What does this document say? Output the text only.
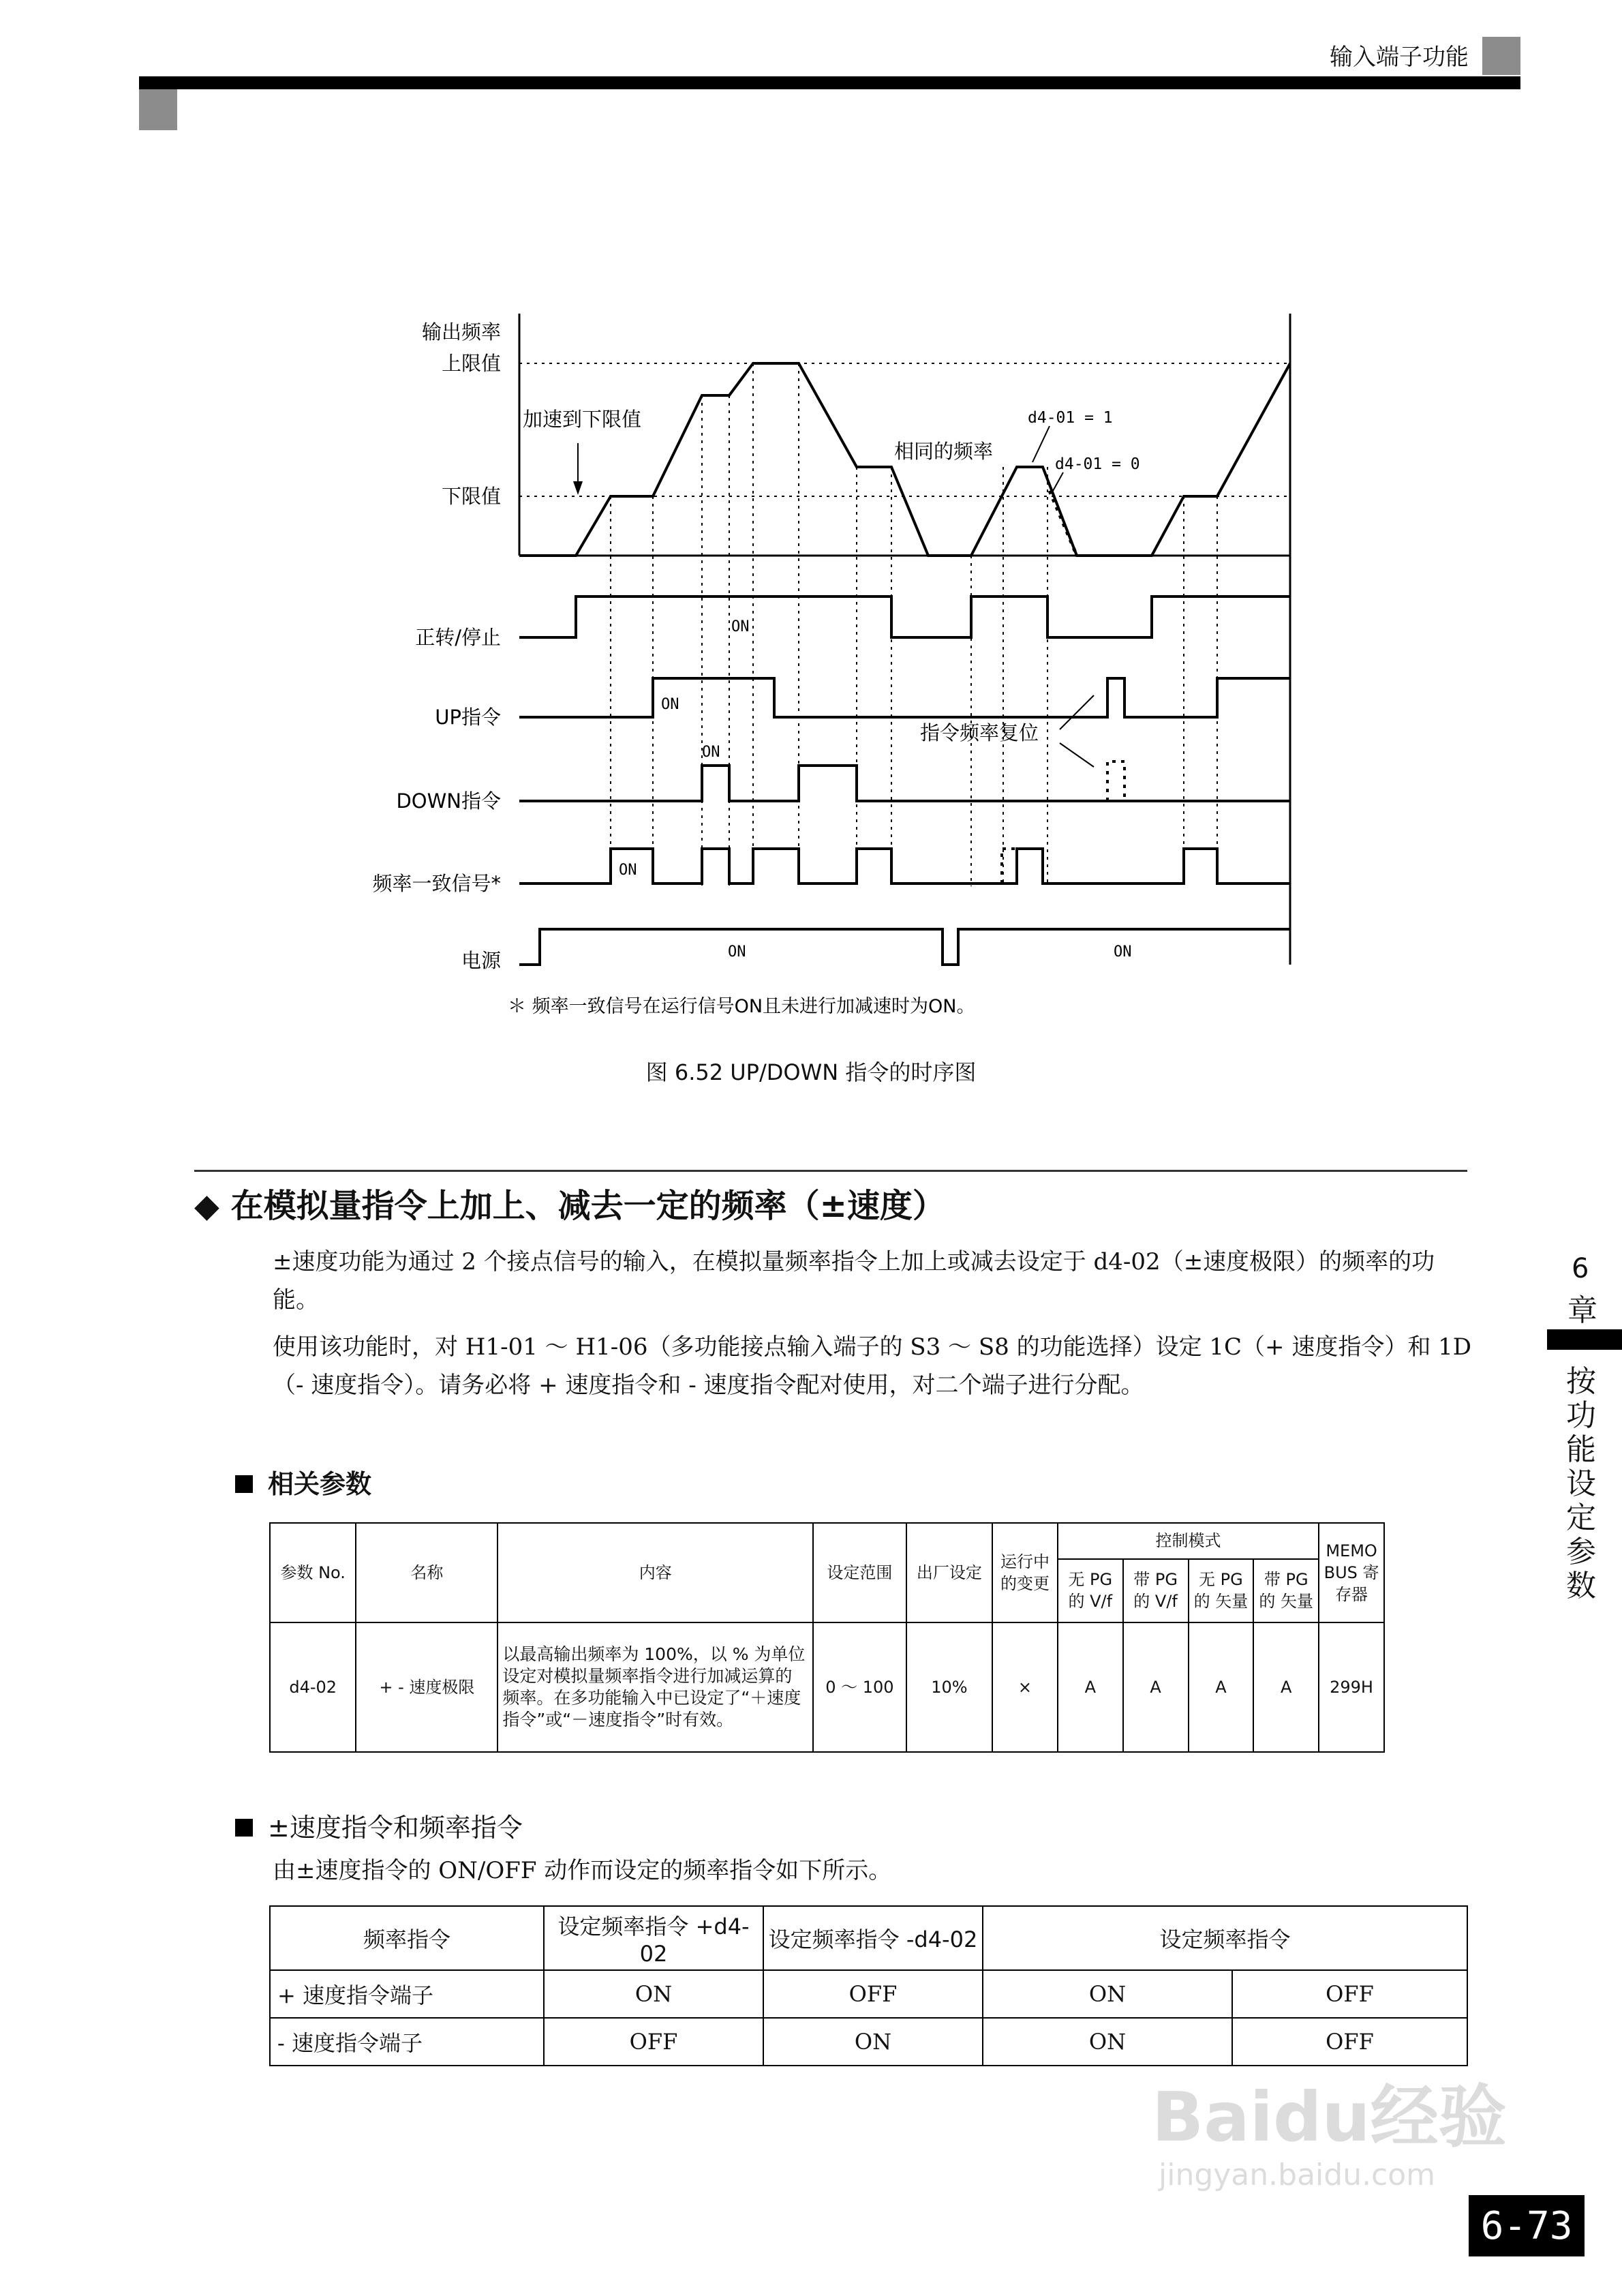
输入端子功能
输出频率
上限值
下限值
加速到下限值
相同的频率
d4-01 = 1
d4-01 = 0
正转/停止	ON
UP指令
ON
指令频率复位
DOWN指令
ON
频率一致信号*
ON
电源	ON	ON
＊ 频率一致信号在运行信号ON且未进行加减速时为ON。
图 6.52 UP/DOWN 指令的时序图
◆ 在模拟量指令上加上、减去一定的频率（±速度）
±速度功能为通过 2 个接点信号的输入，在模拟量频率指令上加上或减去设定于 d4-02（±速度极限）的频率的功能。
使用该功能时，对 H1-01 ～ H1-06（多功能接点输入端子的 S3 ～ S8 的功能选择）设定 1C（+ 速度指令）和 1D（- 速度指令）。请务必将 + 速度指令和 - 速度指令配对使用，对二个端子进行分配。
相关参数
参数 No.	名称	内容	设定范围	出厂设定	运行中的变更	控制模式				MEMO BUS 寄存器
						无 PG 的 V/f	带 PG 的 V/f	无 PG 的 矢量	带 PG 的 矢量	
d4-02	+ - 速度极限	以最高输出频率为 100%，以 % 为单位设定对模拟量频率指令进行加减运算的频率。在多功能输入中已设定了“＋速度指令”或“－速度指令”时有效。	0 ～ 100	10%	×	A	A	A	A	299H
±速度指令和频率指令
由±速度指令的 ON/OFF 动作而设定的频率指令如下所示。
频率指令	设定频率指令 +d4-02	设定频率指令 -d4-02	设定频率指令	
+ 速度指令端子	ON	OFF	ON	OFF
- 速度指令端子	OFF	ON	ON	OFF
6
章
按功能设定参数
Baidu经验
jingyan.baidu.com
6-73
